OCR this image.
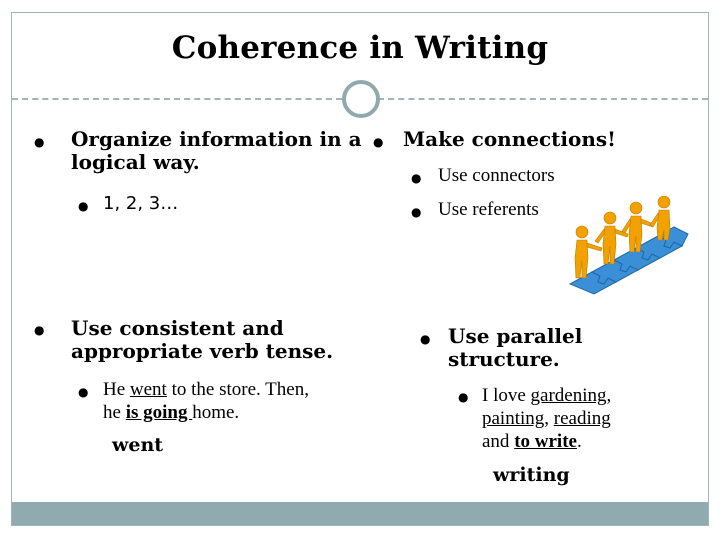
Coherence in Writing
● Organize information in a
logical way.
● 1, 2, 3…
● Use consistent and
appropriate verb tense.
● He went to the store. Then,
he is going home.
went
● Make connections!
● Use connectors
● Use referents
● Use parallel
structure.
● I love gardening,
painting, reading
and to write.
writing
